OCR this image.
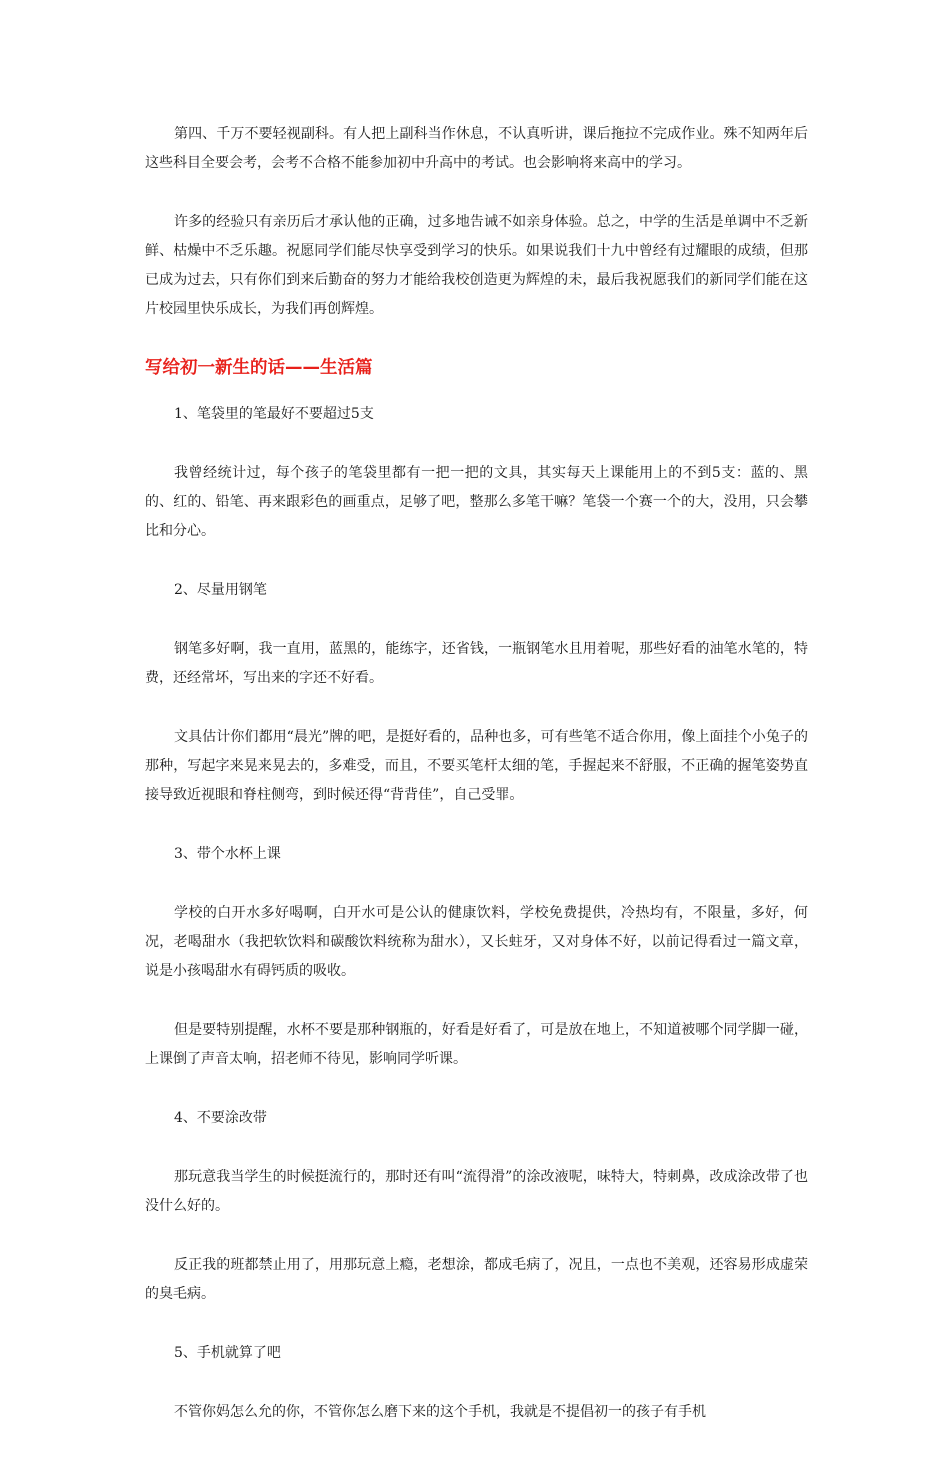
第四、千万不要轻视副科。有人把上副科当作休息，不认真听讲，课后拖拉不完成作业。殊不知两年后这些科目全要会考，会考不合格不能参加初中升高中的考试。也会影响将来高中的学习。

许多的经验只有亲历后才承认他的正确，过多地告诫不如亲身体验。总之，中学的生活是单调中不乏新鲜、枯燥中不乏乐趣。祝愿同学们能尽快享受到学习的快乐。如果说我们十九中曾经有过耀眼的成绩，但那已成为过去，只有你们到来后勤奋的努力才能给我校创造更为辉煌的未，最后我祝愿我们的新同学们能在这片校园里快乐成长，为我们再创辉煌。

写给初一新生的话——生活篇

1、笔袋里的笔最好不要超过5支

我曾经统计过，每个孩子的笔袋里都有一把一把的文具，其实每天上课能用上的不到5支：蓝的、黑的、红的、铅笔、再来跟彩色的画重点，足够了吧，整那么多笔干嘛？笔袋一个赛一个的大，没用，只会攀比和分心。

2、尽量用钢笔

钢笔多好啊，我一直用，蓝黑的，能练字，还省钱，一瓶钢笔水且用着呢，那些好看的油笔水笔的，特费，还经常坏，写出来的字还不好看。

文具估计你们都用“晨光”牌的吧，是挺好看的，品种也多，可有些笔不适合你用，像上面挂个小兔子的那种，写起字来晃来晃去的，多难受，而且，不要买笔杆太细的笔，手握起来不舒服，不正确的握笔姿势直接导致近视眼和脊柱侧弯，到时候还得“背背佳”，自己受罪。

3、带个水杯上课

学校的白开水多好喝啊，白开水可是公认的健康饮料，学校免费提供，冷热均有，不限量，多好，何况，老喝甜水（我把软饮料和碳酸饮料统称为甜水），又长蛀牙，又对身体不好，以前记得看过一篇文章，说是小孩喝甜水有碍钙质的吸收。

但是要特别提醒，水杯不要是那种钢瓶的，好看是好看了，可是放在地上，不知道被哪个同学脚一碰，上课倒了声音太响，招老师不待见，影响同学听课。

4、不要涂改带

那玩意我当学生的时候挺流行的，那时还有叫“流得滑”的涂改液呢，味特大，特刺鼻，改成涂改带了也没什么好的。

反正我的班都禁止用了，用那玩意上瘾，老想涂，都成毛病了，况且，一点也不美观，还容易形成虚荣的臭毛病。

5、手机就算了吧

不管你妈怎么允的你，不管你怎么磨下来的这个手机，我就是不提倡初一的孩子有手机
